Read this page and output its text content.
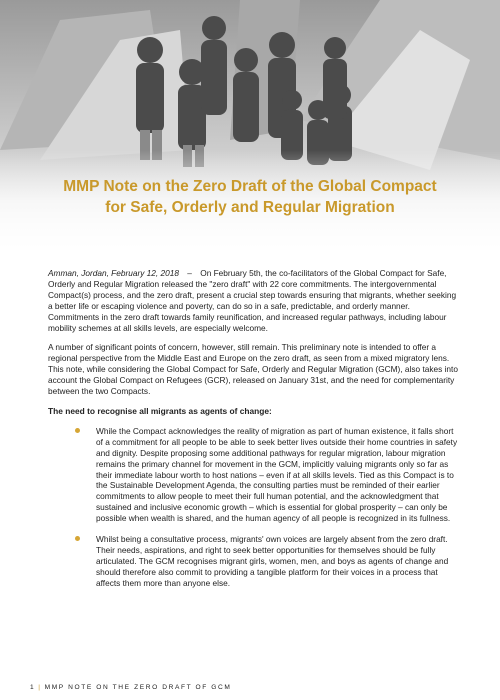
MMP Note on the Zero Draft of the Global Compact
for Safe, Orderly and Regular Migration

Amman, Jordan, February 12, 2018 – On February 5th, the co-facilitators of the Global Compact for Safe, Orderly and Regular Migration released the "zero draft" with 22 core commitments. The intergovernmental Compact(s) process, and the zero draft, present a crucial step towards ensuring that migrants, whether seeking a better life or escaping violence and poverty, can do so in a safe, predictable, and orderly manner. Commitments in the zero draft towards family reunification, and increased regular pathways, including labour mobility schemes at all skills levels, are especially welcome.

A number of significant points of concern, however, still remain. This preliminary note is intended to offer a regional perspective from the Middle East and Europe on the zero draft, as seen from a mixed migratory lens. This note, while considering the Global Compact for Safe, Orderly and Regular Migration (GCM), also takes into account the Global Compact on Refugees (GCR), released on January 31st, and the need for complementarity between the two Compacts.

The need to recognise all migrants as agents of change:

While the Compact acknowledges the reality of migration as part of human existence, it falls short of a commitment for all people to be able to seek better lives outside their home countries in safety and dignity. Despite proposing some additional pathways for regular migration, labour migration remains the primary channel for movement in the GCM, implicitly valuing migrants only so far as their immediate labour worth to host nations – even if at all skills levels. Tied as this Compact is to the Sustainable Development Agenda, the consulting parties must be reminded of their earlier commitments to allow people to meet their full human potential, and the acknowledgment that sustained and inclusive economic growth – which is essential for global prosperity – can only be possible when wealth is shared, and the human agency of all people is recognized in its fullness.
Whilst being a consultative process, migrants' own voices are largely absent from the zero draft. Their needs, aspirations, and right to seek better opportunities for themselves should be fully articulated. The GCM recognises migrant girls, women, men, and boys as agents of change and should therefore also commit to providing a tangible platform for their voices in a process that affects them more than anyone else.
1 | MMP NOTE ON THE ZERO DRAFT OF GCM
